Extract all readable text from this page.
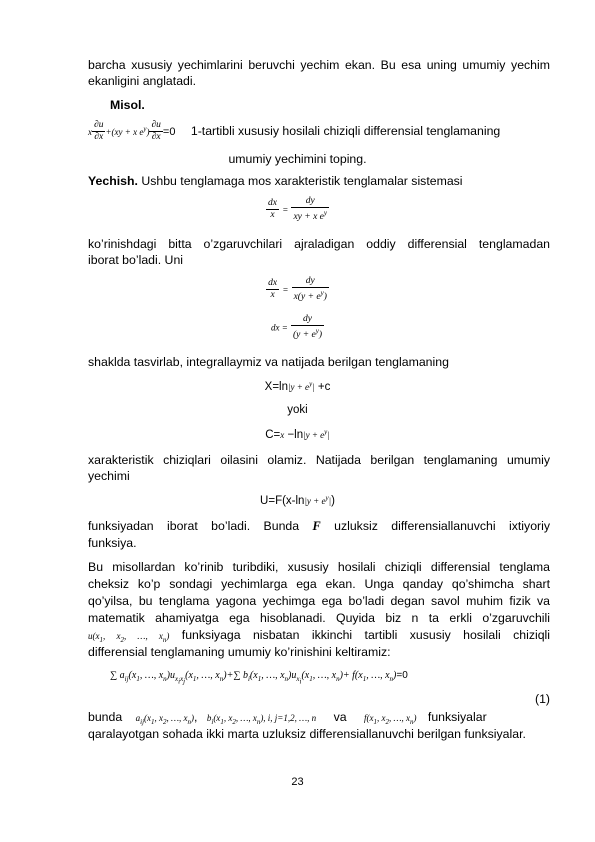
barcha xususiy yechimlarini beruvchi yechim ekan. Bu esa uning umumiy yechim
ekanligini anglatadi.
Misol.
x $\frac{\partial u}{\partial x} +(xy + x$ $e^y) \frac{\partial u}{\partial x} =0$ 1-tartibli xususiy hosilali chiziqli differensial tenglamaning
umumiy yechimini toping.
Yechish. Ushbu tenglamaga mos xarakteristik tenglamalar sistemasi
$\frac{dx}{x} = \frac{dy}{xy + x e^y}$
ko’rinishdagi bitta o’zgaruvchilari ajraladigan oddiy differensial tenglamadan
iborat bo’ladi. Uni
$\frac{dx}{x} = \frac{dy}{x(y + e^y)}$
dx = $\frac{dy}{(y + e^y)}$
shaklda tasvirlab, integrallaymiz va natijada berilgan tenglamaning
$X=\ln|y + e^y| +c$
yoki
$C=x -\ln|y + e^y|$
xarakteristik chiziqlari oilasini olamiz. Natijada berilgan tenglamaning umumiy
yechimi
$U=F(x-\ln|y + e^y|)$
funksiyadan iborat bo’ladi. Bunda F uzluksiz differensiallanuvchi ixtiyoriy
funksiya.
Bu misollardan ko’rinib turibdiki, xususiy hosilali chiziqli differensial tenglama
cheksiz ko’p sondagi yechimlarga ega ekan. Unga qanday qo’shimcha shart
qo’yilsa, bu tenglama yagona yechimga ega bo’ladi degan savol muhim fizik va
matematik ahamiyatga ega hisoblanadi. Quyida biz n ta erkli o’zgaruvchili
$u(x_1$, $x_2$, …, $x_n$) funksiyaga nisbatan ikkinchi tartibli xususiy hosilali chiziqli
differensial tenglamaning umumiy ko’rinishini keltiramiz:
∑ $a_{ij}(x_1$, …, $x_n)u_{x_ix_j}(x_1$, …, $x_n)+\sum$ $b_i(x_1$, …, $x_n)u_{x_i}(x_1$, …, $x_n)+ f(x_1$, …, $x_n)=0$
(1)
bunda $a_{ij}(x_1$, $x_2$, …, $x_n$), $b_i(x_1$, $x_2$, …, $x_n$), i, j=1,2, …, n va $f(x_1$, $x_2$, …, $x_n$) funksiyalar
qaralayotgan sohada ikki marta uzluksiz differensiallanuvchi berilgan funksiyalar.
23
